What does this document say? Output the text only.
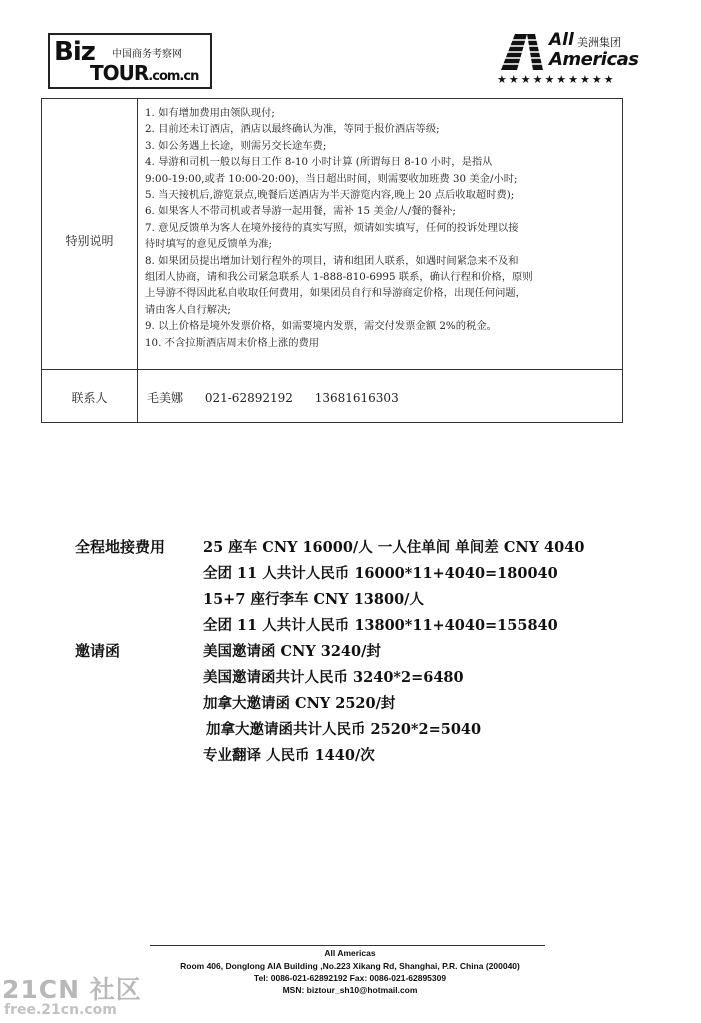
Biz 中国商务考察网
TOUR.com.cn
All 美洲集团
Americas
★★★★★★★★★★
特别说明
1. 如有增加费用由领队现付;
2. 目前还未订酒店，酒店以最终确认为准，等同于报价酒店等级;
3. 如公务遇上长途，则需另交长途车费;
4. 导游和司机一般以每日工作 8-10 小时计算 (所谓每日 8-10 小时，是指从
9:00-19:00,或者 10:00-20:00)，当日超出时间，则需要收加班费 30 美金/小时;
5. 当天接机后,游览景点,晚餐后送酒店为半天游览内容,晚上 20 点后收取超时费);
6. 如果客人不带司机或者导游一起用餐，需补 15 美金/人/餐的餐补;
7. 意见反馈单为客人在境外接待的真实写照，烦请如实填写，任何的投诉处理以接
待时填写的意见反馈单为准;
8. 如果团员提出增加计划行程外的项目，请和组团人联系，如遇时间紧急来不及和
组团人协商，请和我公司紧急联系人 1-888-810-6995 联系，确认行程和价格，原则
上导游不得因此私自收取任何费用，如果团员自行和导游商定价格，出现任何问题，
请由客人自行解决;
9. 以上价格是境外发票价格，如需要境内发票，需交付发票金额 2%的税金。
10. 不含拉斯酒店周末价格上涨的费用
联系人	毛美娜 021-62892192 13681616303
全程地接费用	25 座车 CNY 16000/人 一人住单间 单间差 CNY 4040
全团 11 人共计人民币 16000*11+4040=180040
15+7 座行李车 CNY 13800/人
全团 11 人共计人民币 13800*11+4040=155840
邀请函	美国邀请函 CNY 3240/封
美国邀请函共计人民币 3240*2=6480
加拿大邀请函 CNY 2520/封
加拿大邀请函共计人民币 2520*2=5040
专业翻译 人民币 1440/次
All Americas
Room 406, Donglong AIA Building ,No.223 Xikang Rd, Shanghai, P.R. China (200040)
Tel: 0086-021-62892192 Fax: 0086-021-62895309
MSN: biztour_sh10@hotmail.com
21CN 社区
free.21cn.com
